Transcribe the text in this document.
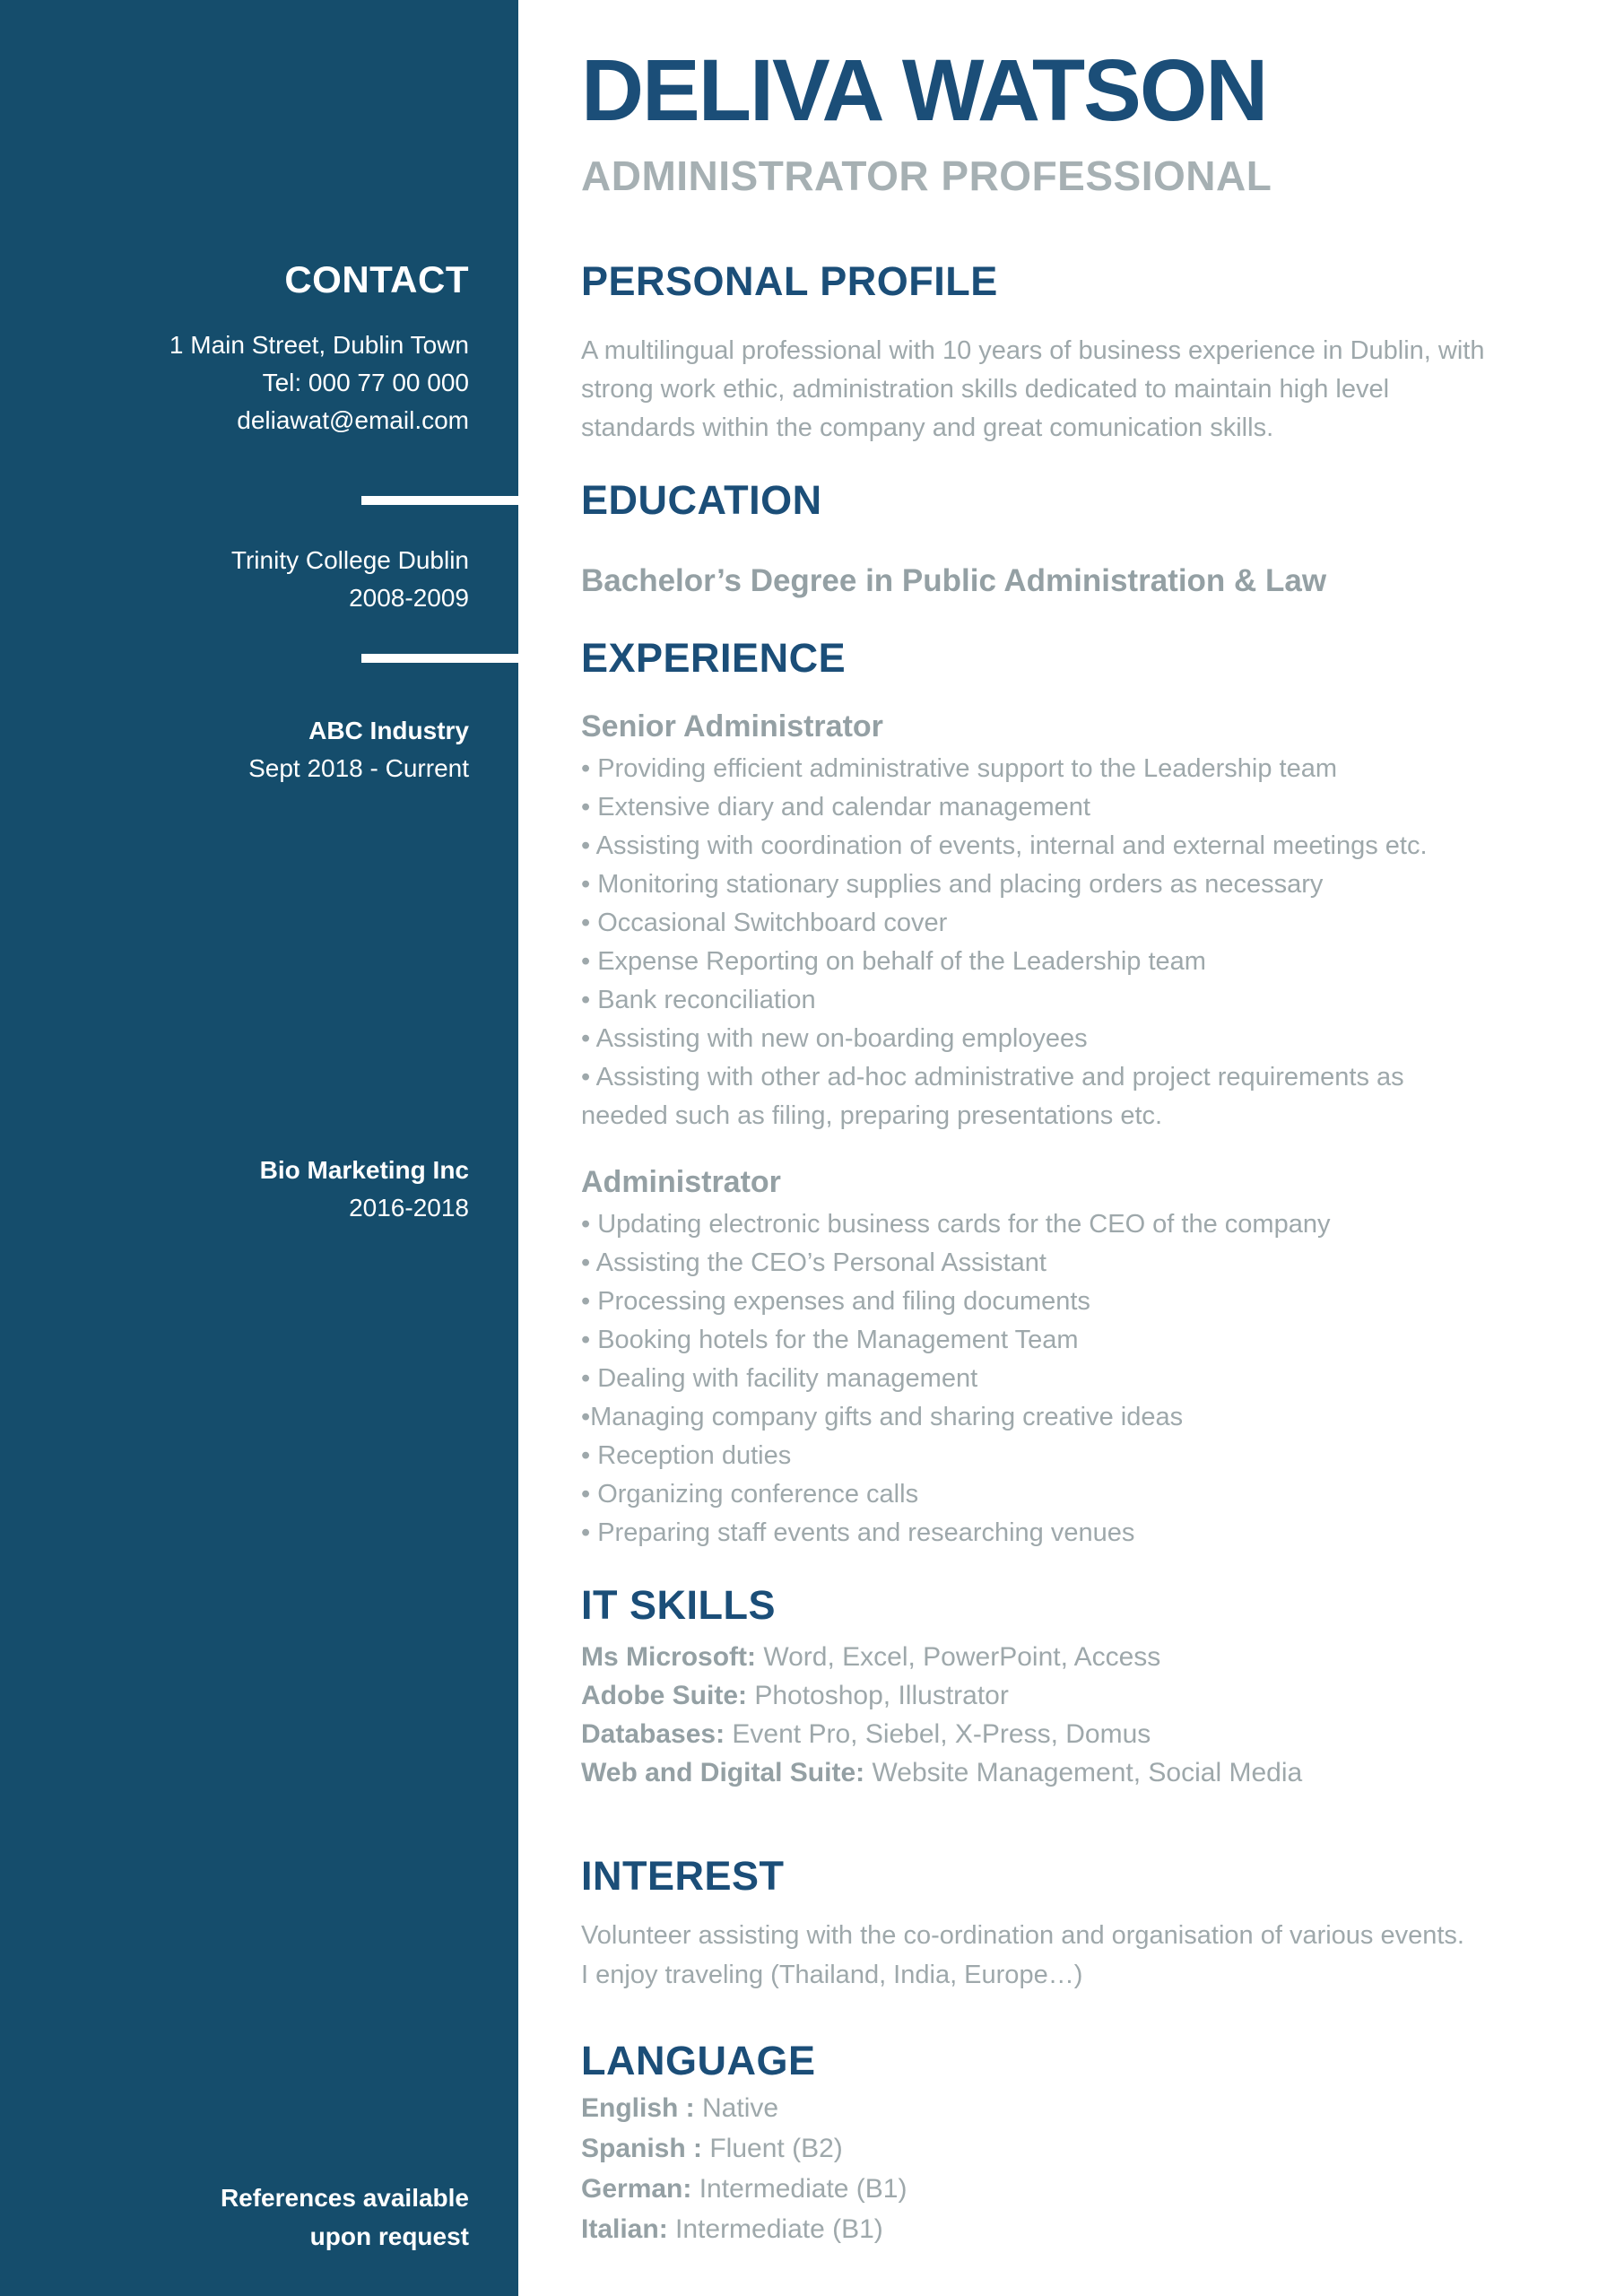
CONTACT
1 Main Street, Dublin Town
Tel: 000 77 00 000
deliawat@email.com
Trinity College Dublin
2008-2009
ABC Industry
Sept 2018 - Current
Bio Marketing Inc
2016-2018
References available
upon request
DELIVA WATSON
ADMINISTRATOR PROFESSIONAL
PERSONAL PROFILE

A multilingual professional with 10 years of business experience in Dublin, with strong work ethic, administration skills dedicated to maintain high level standards within the company and great comunication skills.

EDUCATION
Bachelor’s Degree in Public Administration & Law
EXPERIENCE
Senior Administrator
• Providing efficient administrative support to the Leadership team
• Extensive diary and calendar management
• Assisting with coordination of events, internal and external meetings etc.
• Monitoring stationary supplies and placing orders as necessary
• Occasional Switchboard cover
• Expense Reporting on behalf of the Leadership team
• Bank reconciliation
• Assisting with new on-boarding employees
• Assisting with other ad-hoc administrative and project requirements as needed such as filing, preparing presentations etc.
Administrator
• Updating electronic business cards for the CEO of the company
• Assisting the CEO’s Personal Assistant
• Processing expenses and filing documents
• Booking hotels for the Management Team
• Dealing with facility management
•Managing company gifts and sharing creative ideas
• Reception duties
• Organizing conference calls
• Preparing staff events and researching venues
IT SKILLS
Ms Microsoft: Word, Excel, PowerPoint, Access
Adobe Suite: Photoshop, Illustrator
Databases: Event Pro, Siebel, X-Press, Domus
Web and Digital Suite: Website Management, Social Media
INTEREST
Volunteer assisting with the co-ordination and organisation of various events.
I enjoy traveling (Thailand, India, Europe…)
LANGUAGE
English : Native
Spanish : Fluent (B2)
German: Intermediate (B1)
Italian: Intermediate (B1)
